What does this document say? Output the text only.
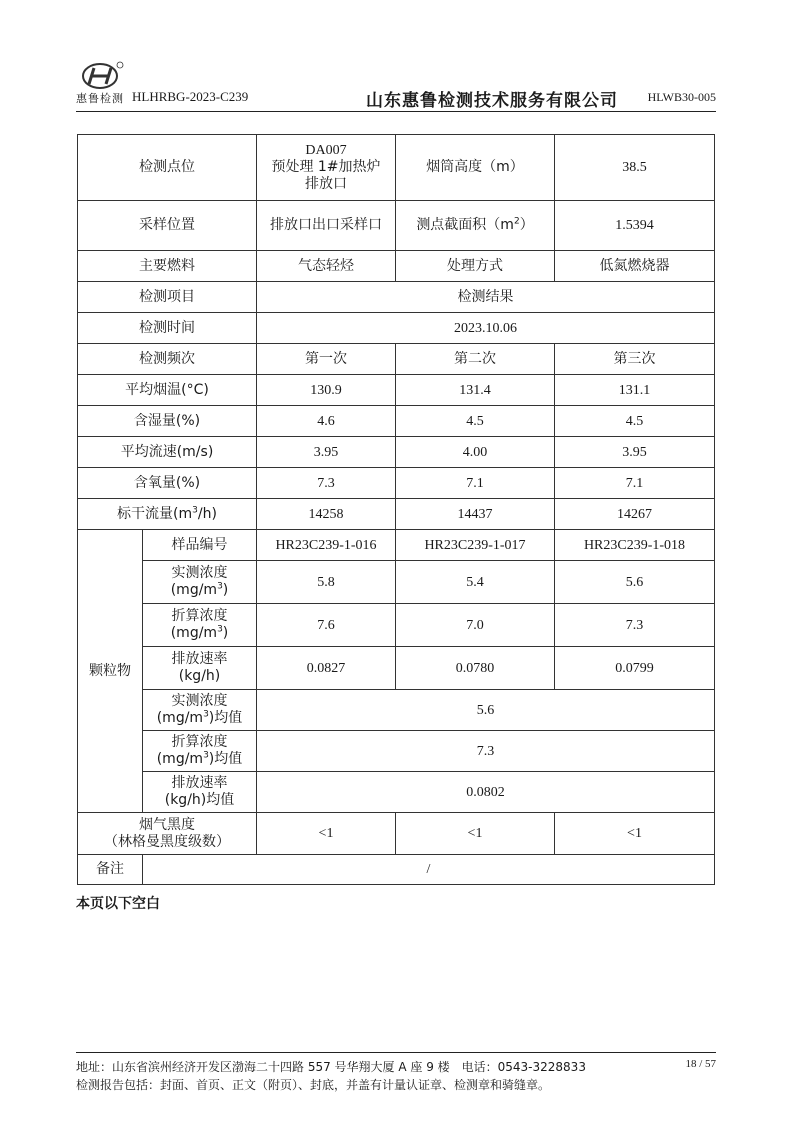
惠鲁检测 HLHRBG-2023-C239	山东惠鲁检测技术服务有限公司 HLWB30-005
检测点位		DA007
预处理 1#加热炉
排放口	烟筒高度（m）	38.5
采样位置		排放口出口采样口	测点截面积$(m^2)$	1.5394
主要燃料		气态轻烃	处理方式	低氮燃烧器
检测项目		检测结果		
检测时间		2023.10.06		
检测频次		第一次	第二次	第三次
平均烟温(°C)		130.9	131.4	131.1
含湿量(%)		4.6	4.5	4.5
平均流速(m/s)		3.95	4.00	3.95
含氧量(%)		7.3	7.1	7.1
标干流量$(m^3/h)$		14258	14437	14267
颗粒物	样品编号	HR23C239-1-016	HR23C239-1-017	HR23C239-1-018

	实测浓度
$(mg/m^3)$	5.8	5.4	5.6

	折算浓度
$(mg/m^3)$	7.6	7.0	7.3

	排放速率
(kg/h)	0.0827	0.0780	0.0799

	实测浓度
$(mg/m^3)$均值	5.6		

	折算浓度
$(mg/m^3)$均值	7.3		

	排放速率
(kg/h)均值	0.0802		

烟气黑度
（林格曼黑度级数）		<1	<1	<1
备注	/			
本页以下空白
地址：山东省滨州经济开发区渤海二十四路 557 号华翔大厦 A 座 9 楼　电话：0543-3228833
检测报告包括：封面、首页、正文（附页）、封底，并盖有计量认证章、检测章和骑缝章。
18 / 57
